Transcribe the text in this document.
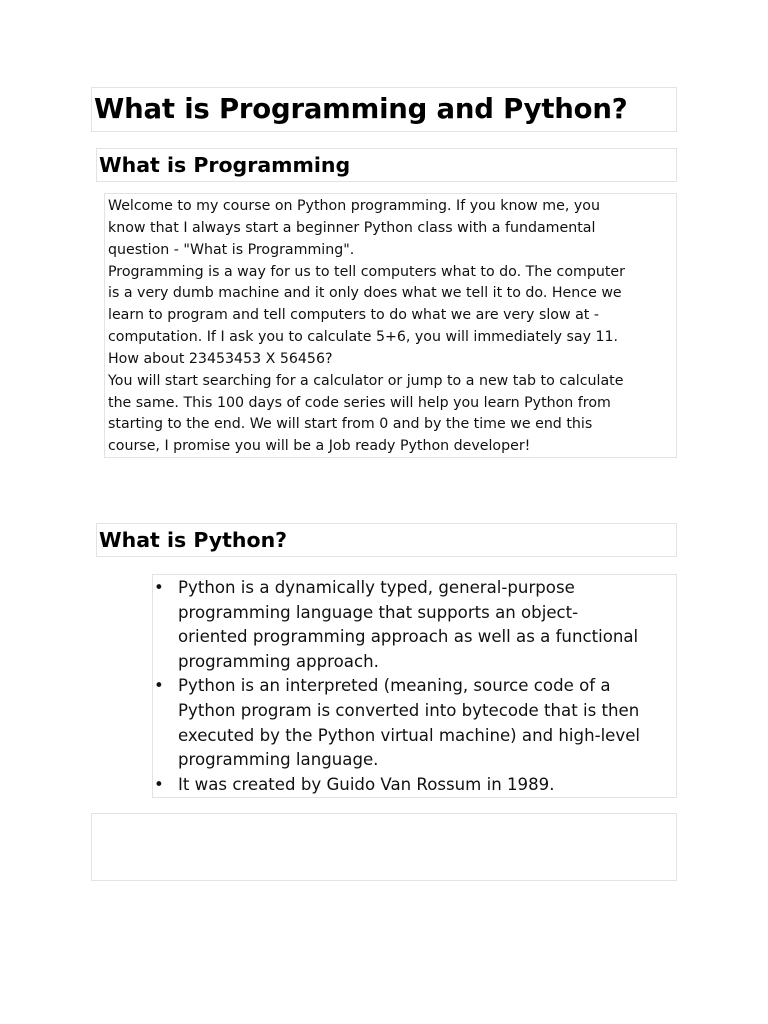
What is Programming and Python?
What is Programming

Welcome to my course on Python programming. If you know me, you
know that I always start a beginner Python class with a fundamental
question - "What is Programming".
Programming is a way for us to tell computers what to do. The computer
is a very dumb machine and it only does what we tell it to do. Hence we
learn to program and tell computers to do what we are very slow at -
computation. If I ask you to calculate 5+6, you will immediately say 11.
How about 23453453 X 56456?
You will start searching for a calculator or jump to a new tab to calculate
the same. This 100 days of code series will help you learn Python from
starting to the end. We will start from 0 and by the time we end this
course, I promise you will be a Job ready Python developer!

What is Python?
• Python is a dynamically typed, general-purpose
programming language that supports an object-
oriented programming approach as well as a functional
programming approach.
• Python is an interpreted (meaning, source code of a
Python program is converted into bytecode that is then
executed by the Python virtual machine) and high-level
programming language.
• It was created by Guido Van Rossum in 1989.
